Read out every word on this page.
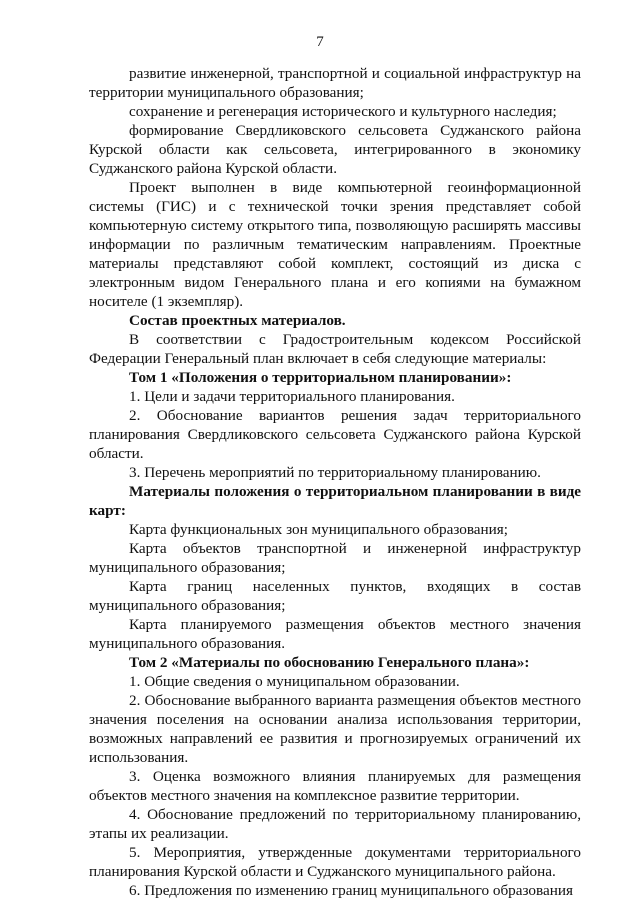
7

развитие инженерной, транспортной и социальной инфраструктур на территории муниципального образования;

сохранение и регенерация исторического и культурного наследия;

формирование Свердликовского сельсовета Суджанского района Курской области как сельсовета, интегрированного в экономику Суджанского района Курской области.

Проект выполнен в виде компьютерной геоинформационной системы (ГИС) и с технической точки зрения представляет собой компьютерную систему открытого типа, позволяющую расширять массивы информации по различным тематическим направлениям. Проектные материалы представляют собой комплект, состоящий из диска с электронным видом Генерального плана и его копиями на бумажном носителе (1 экземпляр).

Состав проектных материалов.

В соответствии с Градостроительным кодексом Российской Федерации Генеральный план включает в себя следующие материалы:

Том 1 «Положения о территориальном планировании»:

1. Цели и задачи территориального планирования.

2. Обоснование вариантов решения задач территориального планирования Свердликовского сельсовета Суджанского района Курской области.

3. Перечень мероприятий по территориальному планированию.

Материалы положения о территориальном планировании в виде карт:

Карта функциональных зон муниципального образования;

Карта объектов транспортной и инженерной инфраструктур муниципального образования;

Карта границ населенных пунктов, входящих в состав муниципального образования;

Карта планируемого размещения объектов местного значения муниципального образования.

Том 2 «Материалы по обоснованию Генерального плана»:

1. Общие сведения о муниципальном образовании.

2. Обоснование выбранного варианта размещения объектов местного значения поселения на основании анализа использования территории, возможных направлений ее развития и прогнозируемых ограничений их использования.

3. Оценка возможного влияния планируемых для размещения объектов местного значения на комплексное развитие территории.

4. Обоснование предложений по территориальному планированию, этапы их реализации.

5. Мероприятия, утвержденные документами территориального планирования Курской области и Суджанского муниципального района.

6. Предложения по изменению границ муниципального образования
